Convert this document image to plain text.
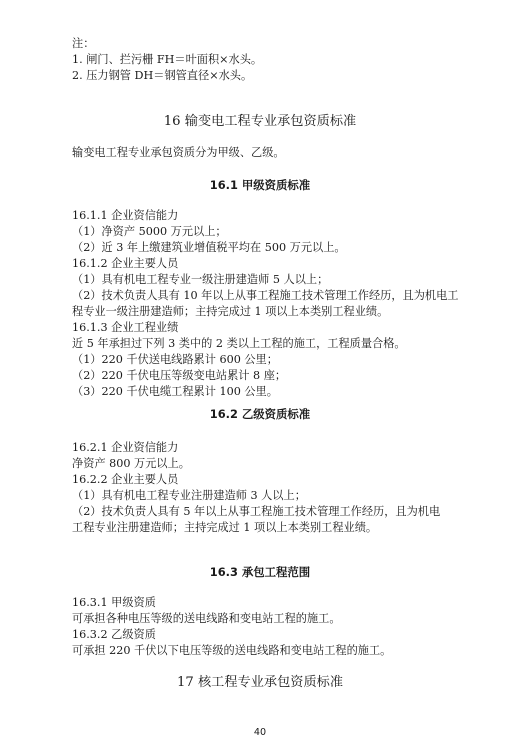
注：
1. 闸门、拦污栅 FH＝叶面积×水头。
2. 压力钢管 DH＝钢管直径×水头。
16 输变电工程专业承包资质标准
输变电工程专业承包资质分为甲级、乙级。
16.1 甲级资质标准
16.1.1 企业资信能力
（1）净资产 5000 万元以上；
（2）近 3 年上缴建筑业增值税平均在 500 万元以上。
16.1.2 企业主要人员
（1）具有机电工程专业一级注册建造师 5 人以上；
（2）技术负责人具有 10 年以上从事工程施工技术管理工作经历，且为机电工
程专业一级注册建造师；主持完成过 1 项以上本类别工程业绩。
16.1.3 企业工程业绩
近 5 年承担过下列 3 类中的 2 类以上工程的施工，工程质量合格。
（1）220 千伏送电线路累计 600 公里；
（2）220 千伏电压等级变电站累计 8 座；
（3）220 千伏电缆工程累计 100 公里。
16.2 乙级资质标准
16.2.1 企业资信能力
净资产 800 万元以上。
16.2.2 企业主要人员
（1）具有机电工程专业注册建造师 3 人以上；
（2）技术负责人具有 5 年以上从事工程施工技术管理工作经历，且为机电
工程专业注册建造师；主持完成过 1 项以上本类别工程业绩。
16.3 承包工程范围
16.3.1 甲级资质
可承担各种电压等级的送电线路和变电站工程的施工。
16.3.2 乙级资质
可承担 220 千伏以下电压等级的送电线路和变电站工程的施工。
17 核工程专业承包资质标准
40
